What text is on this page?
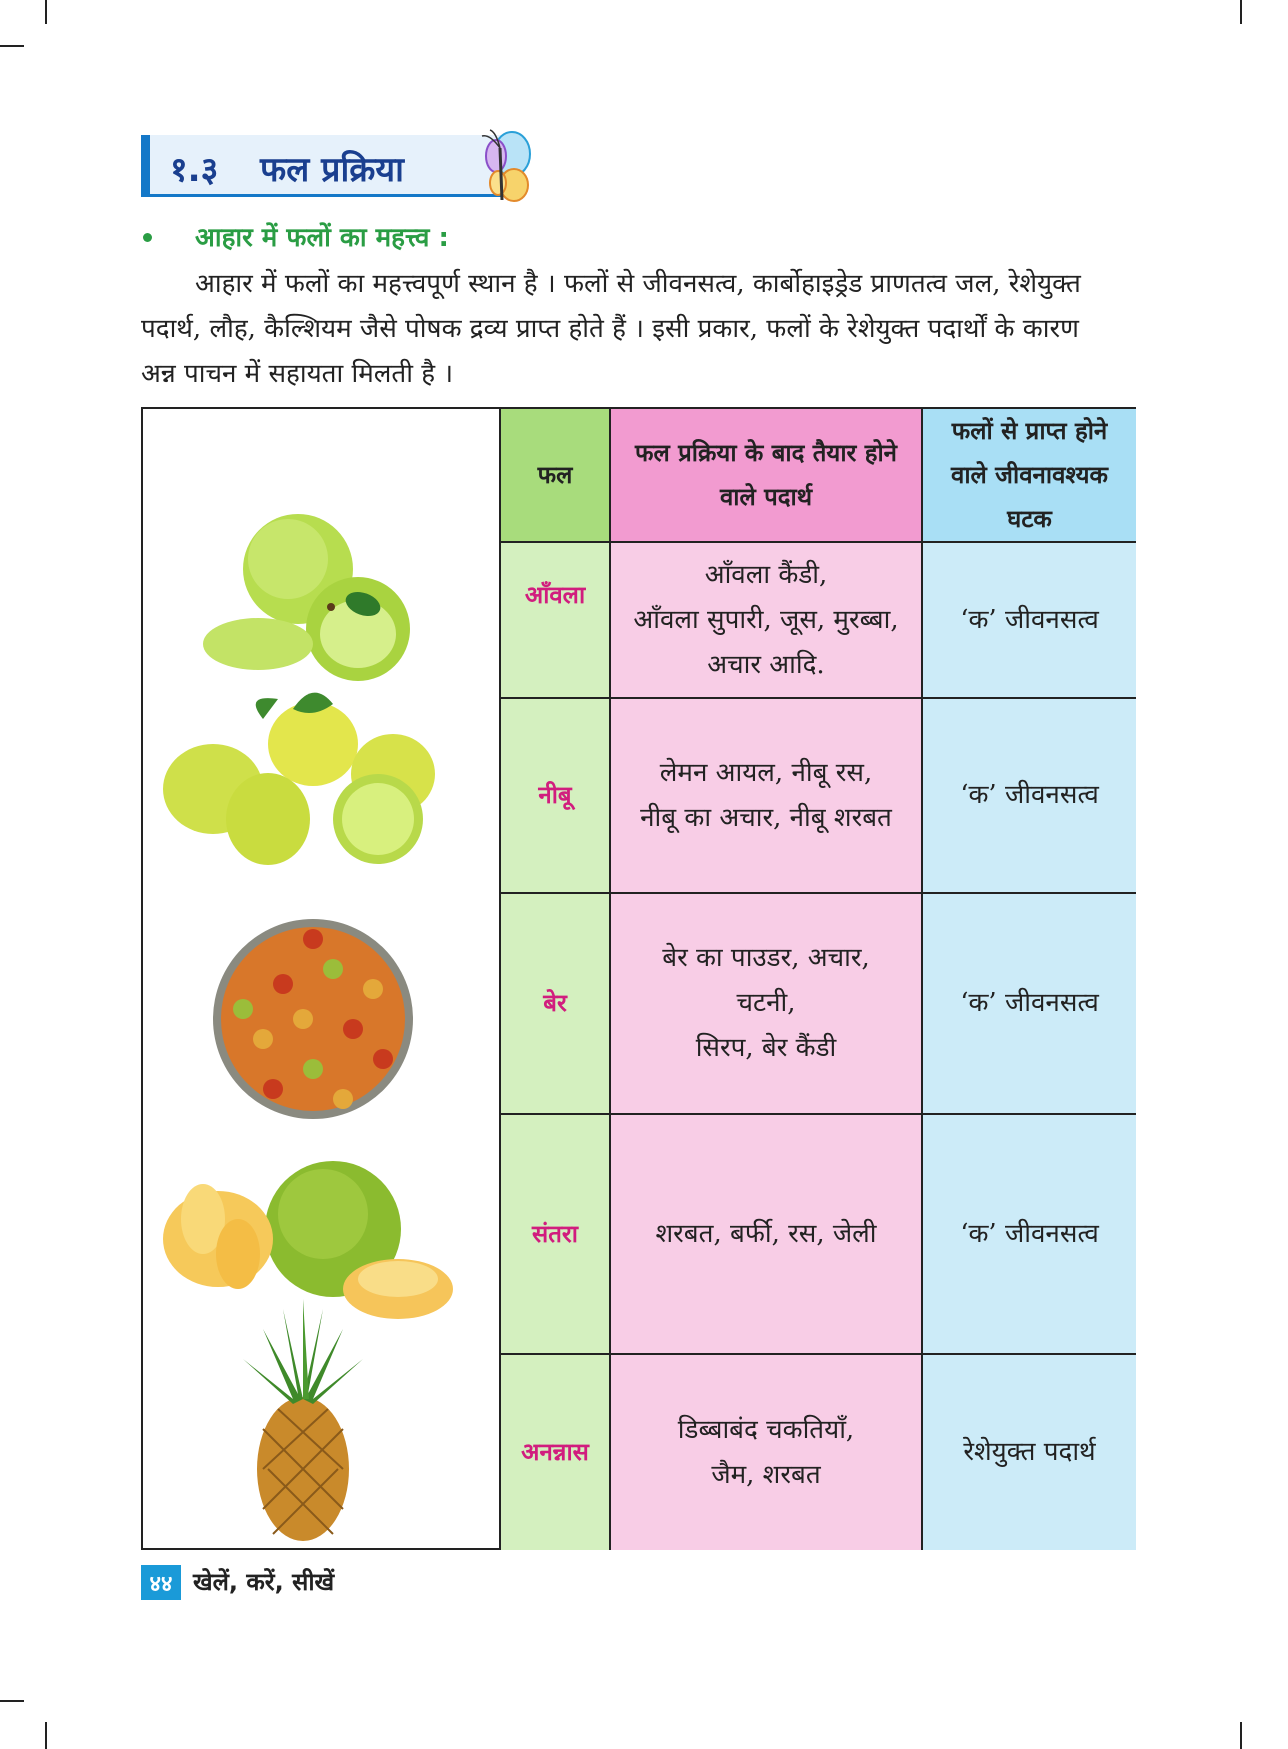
१.३ फल प्रक्रिया
आहार में फलों का महत्त्व :
आहार में फलों का महत्त्वपूर्ण स्थान है । फलों से जीवनसत्व, कार्बोहाइड्रेड प्राणतत्व जल, रेशेयुक्त
पदार्थ, लौह, कैल्शियम जैसे पोषक द्रव्य प्राप्त होते हैं । इसी प्रकार, फलों के रेशेयुक्त पदार्थों के कारण
अन्न पाचन में सहायता मिलती है ।
फल
फल प्रक्रिया के बाद तैयार होने वाले पदार्थ
फलों से प्राप्त होने वाले जीवनावश्यक घटक
आँवला
आँवला कैंडी,
आँवला सुपारी, जूस, मुरब्बा,
अचार आदि.
‘क’ जीवनसत्व
नीबू
लेमन आयल, नीबू रस,
नीबू का अचार, नीबू शरबत
‘क’ जीवनसत्व
बेर
बेर का पाउडर, अचार,
चटनी,
सिरप, बेर कैंडी
‘क’ जीवनसत्व
संतरा	शरबत, बर्फी, रस, जेली	‘क’ जीवनसत्व
अनन्नास
डिब्बाबंद चकतियाँ,
जैम, शरबत
रेशेयुक्त पदार्थ
४४ खेलें, करें, सीखें
